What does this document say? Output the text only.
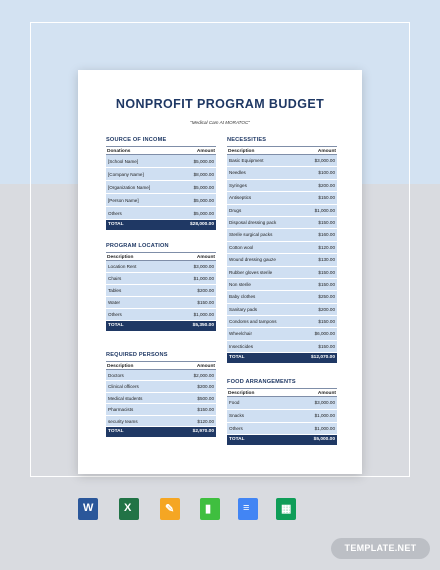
NONPROFIT PROGRAM BUDGET
"Medical Cam At MORATOC"
SOURCE OF INCOME
Donations	Amount
[School Name]	$5,000.00
[Company Name]	$8,000.00
[Organization Name]	$5,000.00
[Person Name]	$5,000.00
Others	$5,000.00
TOTAL	$28,000.00
PROGRAM LOCATION
Description	Amount
Location Rent	$3,000.00
Chairs	$1,000.00
Tables	$200.00
Water	$150.00
Others	$1,000.00
TOTAL	$5,350.00
REQUIRED PERSONS
Description	Amount
Doctors	$2,000.00
Clinical officers	$200.00
Medical students	$500.00
Pharmacists	$150.00
security teams	$120.00
TOTAL	$2,970.00
NECESSITIES
Description	Amount
Basic Equipment	$3,000.00
Needles	$100.00
Syringes	$200.00
Antiseptics	$150.00
Drugs	$1,000.00
Disposal dressing pack	$150.00
Sterile surgical packs	$160.00
Cotton wool	$120.00
Wound dressing gauze	$130.00
Rubber gloves sterile	$150.00
Non sterile	$150.00
Baby clothes	$250.00
Sanitary pads	$200.00
Condoms and tampons	$150.00
Wheelchair	$6,000.00
Insecticides	$150.00
TOTAL	$12,070.00
FOOD ARRANGEMENTS
Description	Amount
Food	$3,000.00
Snacks	$1,000.00
Others	$1,000.00
TOTAL	$5,000.00
W	X	✎	▮	≡	▦
TEMPLATE.NET
